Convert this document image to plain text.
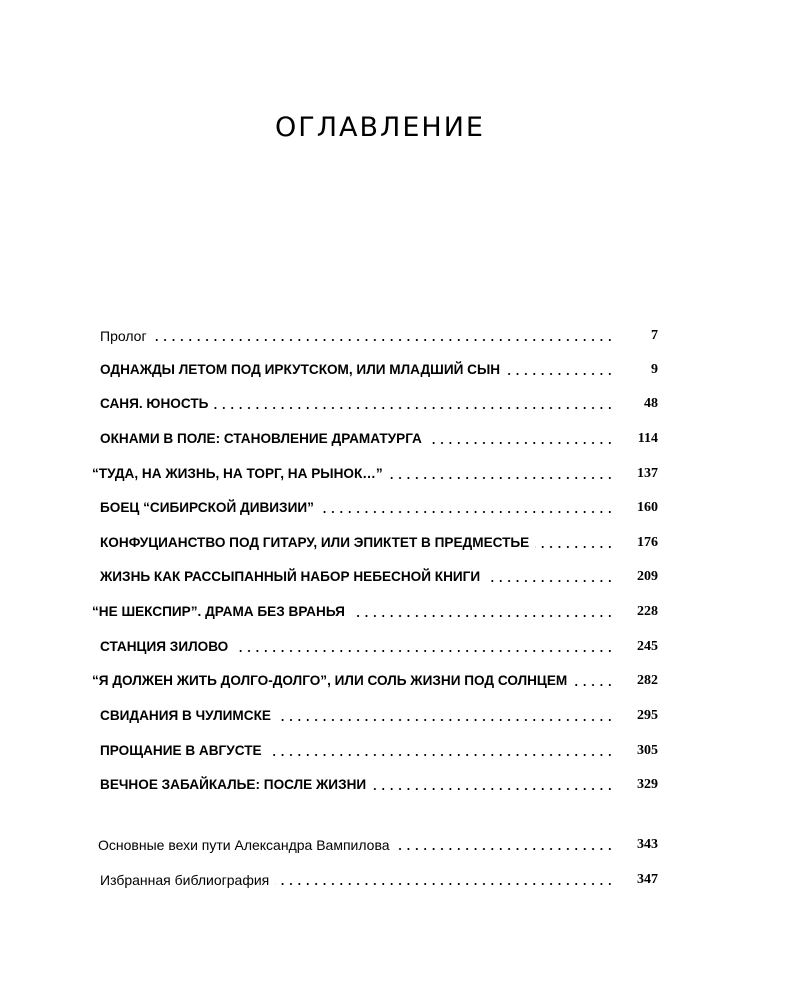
ОГЛАВЛЕНИЕ
Пролог	7
ОДНАЖДЫ ЛЕТОМ ПОД ИРКУТСКОМ, ИЛИ МЛАДШИЙ СЫН	9
САНЯ. ЮНОСТЬ	48
ОКНАМИ В ПОЛЕ: СТАНОВЛЕНИЕ ДРАМАТУРГА	114
“ТУДА, НА ЖИЗНЬ, НА ТОРГ, НА РЫНОК…”	137
БОЕЦ “СИБИРСКОЙ ДИВИЗИИ”	160
КОНФУЦИАНСТВО ПОД ГИТАРУ, ИЛИ ЭПИКТЕТ В ПРЕДМЕСТЬЕ	176
ЖИЗНЬ КАК РАССЫПАННЫЙ НАБОР НЕБЕСНОЙ КНИГИ	209
“НЕ ШЕКСПИР”. ДРАМА БЕЗ ВРАНЬЯ	228
СТАНЦИЯ ЗИЛОВО	245
“Я ДОЛЖЕН ЖИТЬ ДОЛГО-ДОЛГО”, ИЛИ СОЛЬ ЖИЗНИ ПОД СОЛНЦЕМ	282
СВИДАНИЯ В ЧУЛИМСКЕ	295
ПРОЩАНИЕ В АВГУСТЕ	305
ВЕЧНОЕ ЗАБАЙКАЛЬЕ: ПОСЛЕ ЖИЗНИ	329
Основные вехи пути Александра Вампилова	343
Избранная библиография	347
